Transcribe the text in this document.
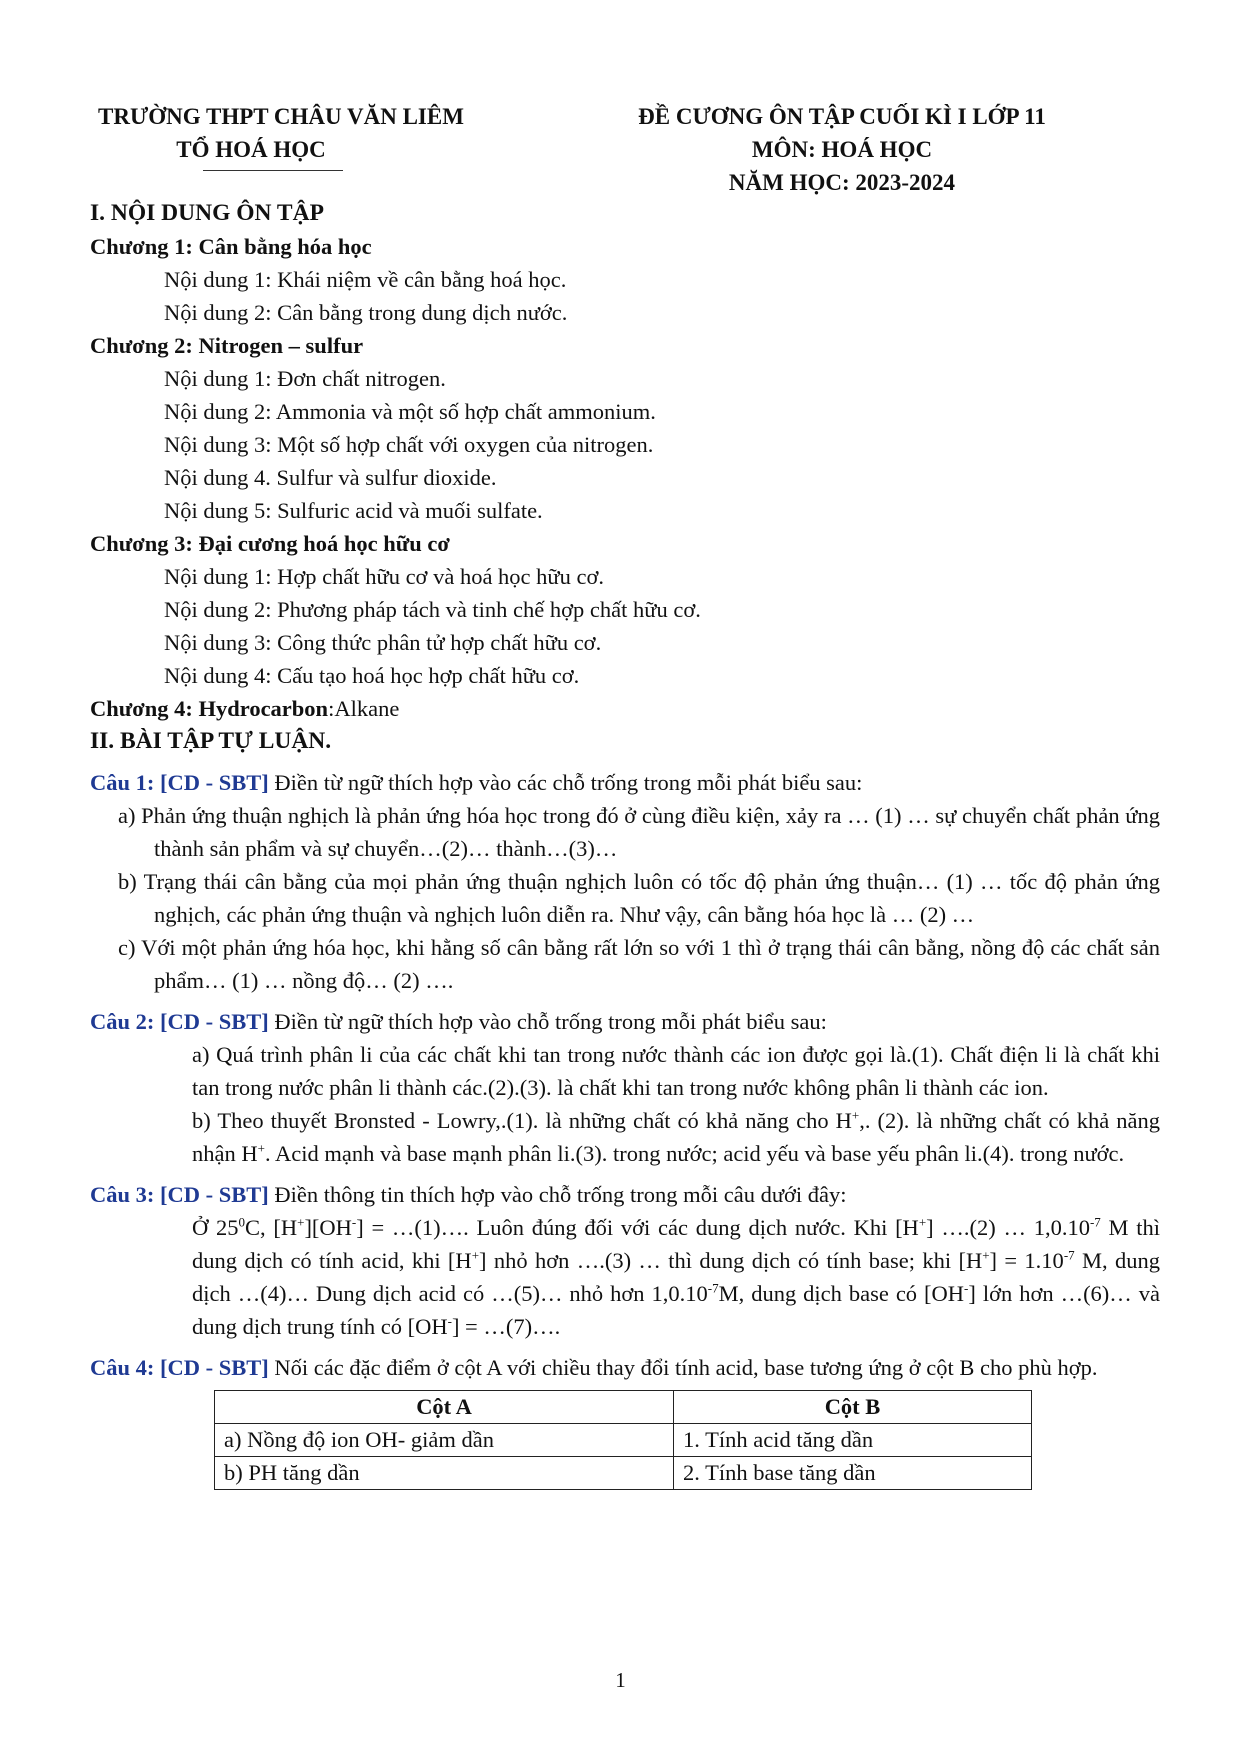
TRƯỜNG THPT CHÂU VĂN LIÊM
TỔ HOÁ HỌC
ĐỀ CƯƠNG ÔN TẬP CUỐI KÌ I LỚP 11
MÔN: HOÁ HỌC
NĂM HỌC: 2023-2024
I. NỘI DUNG ÔN TẬP
Chương 1: Cân bằng hóa học
Nội dung 1: Khái niệm về cân bằng hoá học.
Nội dung 2: Cân bằng trong dung dịch nước.
Chương 2: Nitrogen – sulfur
Nội dung 1: Đơn chất nitrogen.
Nội dung 2: Ammonia và một số hợp chất ammonium.
Nội dung 3: Một số hợp chất với oxygen của nitrogen.
Nội dung 4. Sulfur và sulfur dioxide.
Nội dung 5: Sulfuric acid và muối sulfate.
Chương 3: Đại cương hoá học hữu cơ
Nội dung 1: Hợp chất hữu cơ và hoá học hữu cơ.
Nội dung 2: Phương pháp tách và tinh chế hợp chất hữu cơ.
Nội dung 3: Công thức phân tử hợp chất hữu cơ.
Nội dung 4: Cấu tạo hoá học hợp chất hữu cơ.
Chương 4: Hydrocarbon:Alkane
II. BÀI TẬP TỰ LUẬN.
Câu 1: [CD - SBT] Điền từ ngữ thích hợp vào các chỗ trống trong mỗi phát biểu sau:
a) Phản ứng thuận nghịch là phản ứng hóa học trong đó ở cùng điều kiện, xảy ra … (1) … sự chuyển chất phản ứng thành sản phẩm và sự chuyển…(2)… thành…(3)…
b) Trạng thái cân bằng của mọi phản ứng thuận nghịch luôn có tốc độ phản ứng thuận… (1) … tốc độ phản ứng nghịch, các phản ứng thuận và nghịch luôn diễn ra. Như vậy, cân bằng hóa học là … (2) …
c) Với một phản ứng hóa học, khi hằng số cân bằng rất lớn so với 1 thì ở trạng thái cân bằng, nồng độ các chất sản phẩm… (1) … nồng độ… (2) ….
Câu 2: [CD - SBT] Điền từ ngữ thích hợp vào chỗ trống trong mỗi phát biểu sau:
a) Quá trình phân li của các chất khi tan trong nước thành các ion được gọi là.(1). Chất điện li là chất khi tan trong nước phân li thành các.(2).(3). là chất khi tan trong nước không phân li thành các ion.
b) Theo thuyết Bronsted - Lowry,.(1). là những chất có khả năng cho H+,. (2). là những chất có khả năng nhận H+. Acid mạnh và base mạnh phân li.(3). trong nước; acid yếu và base yếu phân li.(4). trong nước.
Câu 3: [CD - SBT] Điền thông tin thích hợp vào chỗ trống trong mỗi câu dưới đây:
Ở $25^0C$, [H+][OH-] = …(1)…. Luôn đúng đối với các dung dịch nước. Khi [H+] ….(2) … $1,0.10^{-7}$ M thì dung dịch có tính acid, khi [H+] nhỏ hơn ….(3) … thì dung dịch có tính base; khi $[H^+] = 1.10^{-7}$ M, dung dịch …(4)… Dung dịch acid có …(5)… nhỏ hơn $1,0.10^{-7}M$, dung dịch base có [OH-] lớn hơn …(6)… và dung dịch trung tính có [OH-] = …(7)….
Câu 4: [CD - SBT] Nối các đặc điểm ở cột A với chiều thay đổi tính acid, base tương ứng ở cột B cho phù hợp.
Cột A	Cột B
a) Nồng độ ion OH- giảm dần	1. Tính acid tăng dần
b) PH tăng dần	2. Tính base tăng dần
1
